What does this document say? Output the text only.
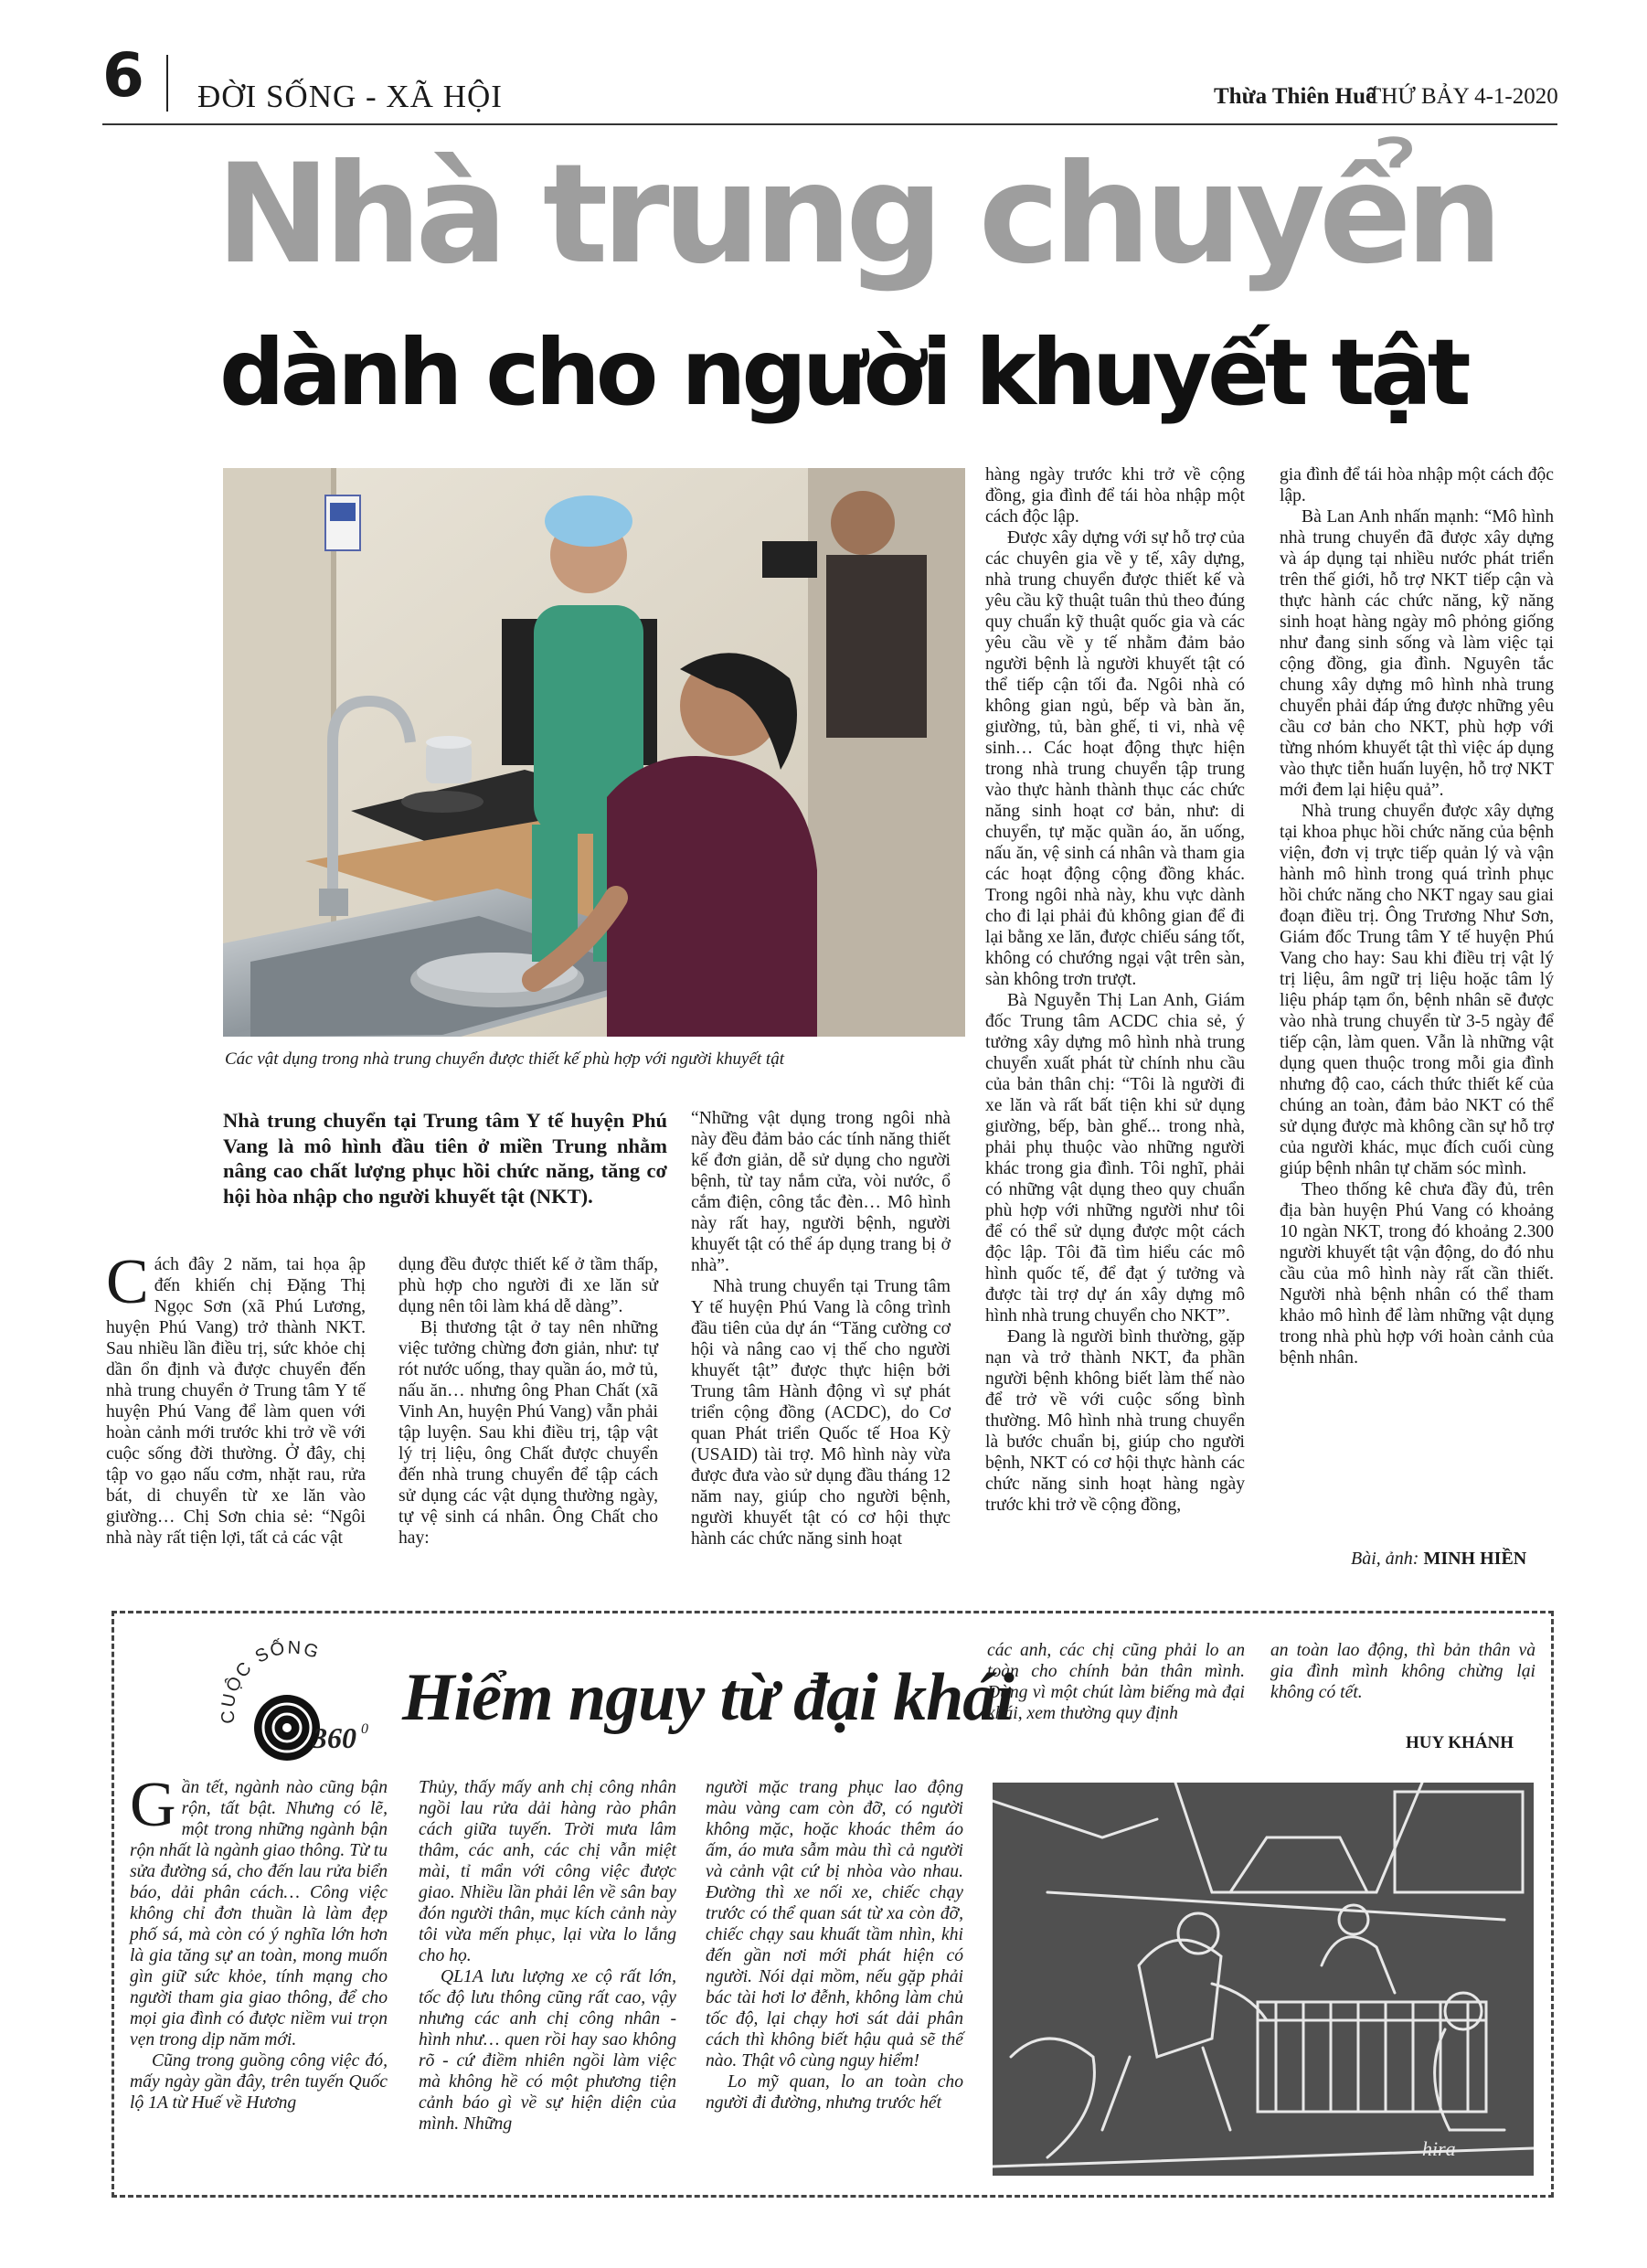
6 ĐỜI SỐNG - XÃ HỘI	Thừa Thiên Huế
THỨ BẢY 4-1-2020
Nhà trung chuyển
dành cho người khuyết tật
Các vật dụng trong nhà trung chuyển được thiết kế phù hợp với người khuyết tật
Nhà trung chuyển tại Trung tâm Y tế huyện Phú Vang là mô hình đầu tiên ở miền Trung nhằm nâng cao chất lượng phục hồi chức năng, tăng cơ hội hòa nhập cho người khuyết tật (NKT).

Cách đây 2 năm, tai họa ập đến khiến chị Đặng Thị Ngọc Sơn (xã Phú Lương, huyện Phú Vang) trở thành NKT. Sau nhiều lần điều trị, sức khỏe chị dần ổn định và được chuyển đến nhà trung chuyển ở Trung tâm Y tế huyện Phú Vang để làm quen với hoàn cảnh mới trước khi trở về với cuộc sống đời thường. Ở đây, chị tập vo gạo nấu cơm, nhặt rau, rửa bát, di chuyển từ xe lăn vào giường… Chị Sơn chia sẻ: “Ngôi nhà này rất tiện lợi, tất cả các vật

dụng đều được thiết kế ở tầm thấp, phù hợp cho người đi xe lăn sử dụng nên tôi làm khá dễ dàng”.

Bị thương tật ở tay nên những việc tưởng chừng đơn giản, như: tự rót nước uống, thay quần áo, mở tủ, nấu ăn… nhưng ông Phan Chất (xã Vinh An, huyện Phú Vang) vẫn phải tập luyện. Sau khi điều trị, tập vật lý trị liệu, ông Chất được chuyển đến nhà trung chuyển để tập cách sử dụng các vật dụng thường ngày, tự vệ sinh cá nhân. Ông Chất cho hay:

“Những vật dụng trong ngôi nhà này đều đảm bảo các tính năng thiết kế đơn giản, dễ sử dụng cho người bệnh, từ tay nắm cửa, vòi nước, ổ cắm điện, công tắc đèn… Mô hình này rất hay, người bệnh, người khuyết tật có thể áp dụng trang bị ở nhà”.

Nhà trung chuyển tại Trung tâm Y tế huyện Phú Vang là công trình đầu tiên của dự án “Tăng cường cơ hội và nâng cao vị thế cho người khuyết tật” được thực hiện bởi Trung tâm Hành động vì sự phát triển cộng đồng (ACDC), do Cơ quan Phát triển Quốc tế Hoa Kỳ (USAID) tài trợ. Mô hình này vừa được đưa vào sử dụng đầu tháng 12 năm nay, giúp cho người bệnh, người khuyết tật có cơ hội thực hành các chức năng sinh hoạt

hàng ngày trước khi trở về cộng đồng, gia đình để tái hòa nhập một cách độc lập.

Được xây dựng với sự hỗ trợ của các chuyên gia về y tế, xây dựng, nhà trung chuyển được thiết kế và yêu cầu kỹ thuật tuân thủ theo đúng quy chuẩn kỹ thuật quốc gia và các yêu cầu về y tế nhằm đảm bảo người bệnh là người khuyết tật có thể tiếp cận tối đa. Ngôi nhà có không gian ngủ, bếp và bàn ăn, giường, tủ, bàn ghế, ti vi, nhà vệ sinh… Các hoạt động thực hiện trong nhà trung chuyển tập trung vào thực hành thành thục các chức năng sinh hoạt cơ bản, như: di chuyển, tự mặc quần áo, ăn uống, nấu ăn, vệ sinh cá nhân và tham gia các hoạt động cộng đồng khác. Trong ngôi nhà này, khu vực dành cho đi lại phải đủ không gian để đi lại bằng xe lăn, được chiếu sáng tốt, không có chướng ngại vật trên sàn, sàn không trơn trượt.

Bà Nguyễn Thị Lan Anh, Giám đốc Trung tâm ACDC chia sẻ, ý tưởng xây dựng mô hình nhà trung chuyển xuất phát từ chính nhu cầu của bản thân chị: “Tôi là người đi xe lăn và rất bất tiện khi sử dụng giường, bếp, bàn ghế... trong nhà, phải phụ thuộc vào những người khác trong gia đình. Tôi nghĩ, phải có những vật dụng theo quy chuẩn phù hợp với những người như tôi để có thể sử dụng được một cách độc lập. Tôi đã tìm hiểu các mô hình quốc tế, để đạt ý tưởng và được tài trợ dự án xây dựng mô hình nhà trung chuyển cho NKT”.

Đang là người bình thường, gặp nạn và trở thành NKT, đa phần người bệnh không biết làm thế nào để trở về với cuộc sống bình thường. Mô hình nhà trung chuyển là bước chuẩn bị, giúp cho người bệnh, NKT có cơ hội thực hành các chức năng sinh hoạt hàng ngày trước khi trở về cộng đồng,

gia đình để tái hòa nhập một cách độc lập.

Bà Lan Anh nhấn mạnh: “Mô hình nhà trung chuyển đã được xây dựng và áp dụng tại nhiều nước phát triển trên thế giới, hỗ trợ NKT tiếp cận và thực hành các chức năng, kỹ năng sinh hoạt hàng ngày mô phỏng giống như đang sinh sống và làm việc tại cộng đồng, gia đình. Nguyên tắc chung xây dựng mô hình nhà trung chuyển phải đáp ứng được những yêu cầu cơ bản cho NKT, phù hợp với từng nhóm khuyết tật thì việc áp dụng vào thực tiễn huấn luyện, hỗ trợ NKT mới đem lại hiệu quả”.

Nhà trung chuyển được xây dựng tại khoa phục hồi chức năng của bệnh viện, đơn vị trực tiếp quản lý và vận hành mô hình trong quá trình phục hồi chức năng cho NKT ngay sau giai đoạn điều trị. Ông Trương Như Sơn, Giám đốc Trung tâm Y tế huyện Phú Vang cho hay: Sau khi điều trị vật lý trị liệu, âm ngữ trị liệu hoặc tâm lý liệu pháp tạm ổn, bệnh nhân sẽ được vào nhà trung chuyển từ 3-5 ngày để tiếp cận, làm quen. Vẫn là những vật dụng quen thuộc trong mỗi gia đình nhưng độ cao, cách thức thiết kế của chúng an toàn, đảm bảo NKT có thể sử dụng được mà không cần sự hỗ trợ của người khác, mục đích cuối cùng giúp bệnh nhân tự chăm sóc mình.

Theo thống kê chưa đầy đủ, trên địa bàn huyện Phú Vang có khoảng 10 ngàn NKT, trong đó khoảng 2.300 người khuyết tật vận động, do đó nhu cầu của mô hình này rất cần thiết. Người nhà bệnh nhân có thể tham khảo mô hình để làm những vật dụng trong nhà phù hợp với hoàn cảnh của bệnh nhân.

Bài, ảnh: MINH HIỀN
CUỘC SỐNG
360 0 Hiểm nguy từ đại khái

Gần tết, ngành nào cũng bận rộn, tất bật. Nhưng có lẽ, một trong những ngành bận rộn nhất là ngành giao thông. Từ tu sửa đường sá, cho đến lau rửa biển báo, dải phân cách… Công việc không chỉ đơn thuần là làm đẹp phố sá, mà còn có ý nghĩa lớn hơn là gia tăng sự an toàn, mong muốn gìn giữ sức khỏe, tính mạng cho người tham gia giao thông, để cho mọi gia đình có được niềm vui trọn vẹn trong dịp năm mới.

Cũng trong guồng công việc đó, mấy ngày gần đây, trên tuyến Quốc lộ 1A từ Huế về Hương

Thủy, thấy mấy anh chị công nhân ngồi lau rửa dải hàng rào phân cách giữa tuyến. Trời mưa lâm thâm, các anh, các chị vẫn miệt mài, tỉ mẩn với công việc được giao. Nhiều lần phải lên về sân bay đón người thân, mục kích cảnh này tôi vừa mến phục, lại vừa lo lắng cho họ.

QL1A lưu lượng xe cộ rất lớn, tốc độ lưu thông cũng rất cao, vậy nhưng các anh chị công nhân - hình như… quen rồi hay sao không rõ - cứ điềm nhiên ngồi làm việc mà không hề có một phương tiện cảnh báo gì về sự hiện diện của mình. Những

người mặc trang phục lao động màu vàng cam còn đỡ, có người không mặc, hoặc khoác thêm áo ấm, áo mưa sẫm màu thì cả người và cảnh vật cứ bị nhòa vào nhau. Đường thì xe nối xe, chiếc chạy trước có thể quan sát từ xa còn đỡ, chiếc chạy sau khuất tầm nhìn, khi đến gần nơi mới phát hiện có người. Nói dại mồm, nếu gặp phải bác tài hơi lơ đễnh, không làm chủ tốc độ, lại chạy hơi sát dải phân cách thì không biết hậu quả sẽ thế nào. Thật vô cùng nguy hiểm!

Lo mỹ quan, lo an toàn cho người đi đường, nhưng trước hết

các anh, các chị cũng phải lo an toàn cho chính bản thân mình. Đừng vì một chút làm biếng mà đại khái, xem thường quy định

an toàn lao động, thì bản thân và gia đình mình không chừng lại không có tết.

HUY KHÁNH
hira
